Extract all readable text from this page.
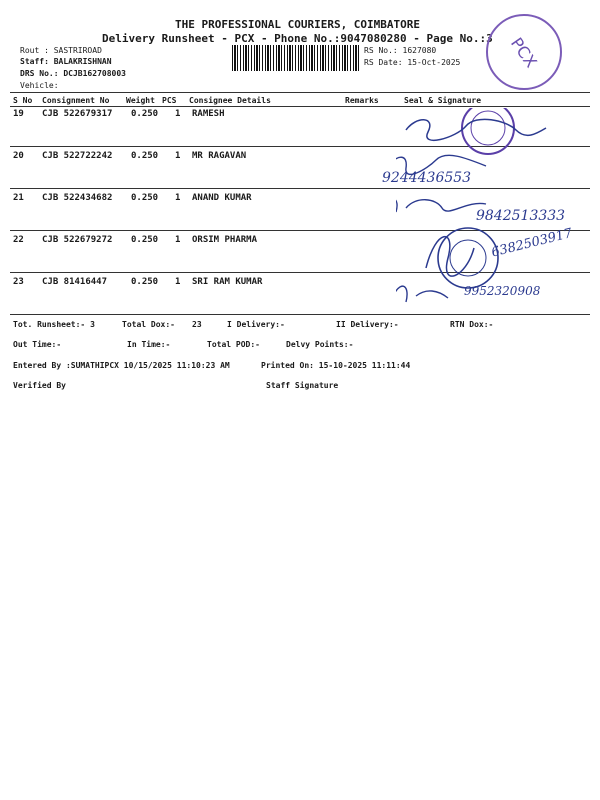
THE PROFESSIONAL COURIERS, COIMBATORE
Delivery Runsheet - PCX - Phone No.:9047080280 - Page No.:3
Rout : SASTRIROAD
Staff: BALAKRISHNAN
DRS No.: DCJB162708003
Vehicle:
RS No.: 1627080
RS Date: 15-Oct-2025	PCX
S No Consignment No Weight PCS Consignee Details	Remarks	Seal & Signature
19 CJB 522679317 0.250 1 RAMESH
20 CJB 522722242 0.250 1 MR RAGAVAN
21 CJB 522434682 0.250 1 ANAND KUMAR
22 CJB 522679272 0.250 1 ORSIM PHARMA
23 CJB 81416447	0.250 1 SRI RAM KUMAR
9244436553
9842513333
6382503917
9952320908
Tot. Runsheet:- 3	Total Dox:- 23	I Delivery:-	II Delivery:-	RTN Dox:-
Out Time:-	In Time:-	Total POD:-	Delvy Points:-
Entered By :SUMATHIPCX 10/15/2025 11:10:23 AM	Printed On: 15-10-2025 11:11:44
Verified By	Staff Signature
